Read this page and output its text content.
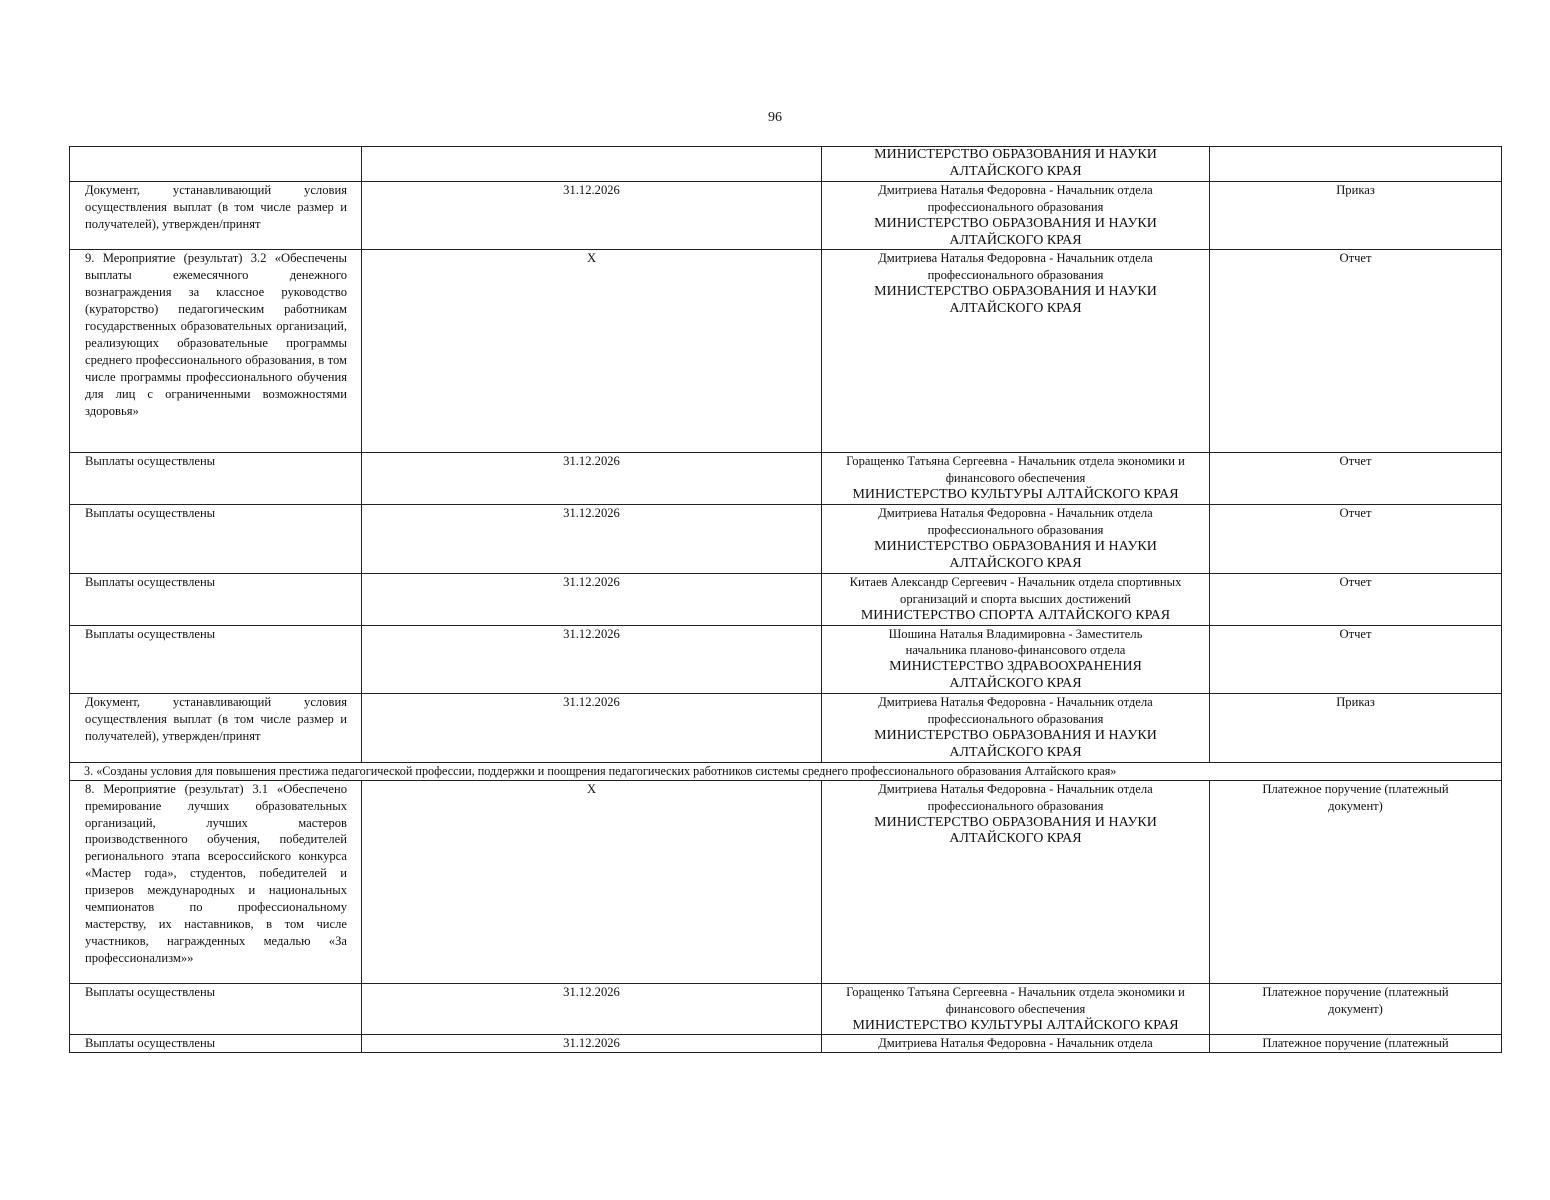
96

		МИНИСТЕРСТВО ОБРАЗОВАНИЯ И НАУКИ АЛТАЙСКОГО КРАЯ	

Документ, устанавливающий условия осуществления выплат (в том числе размер и получателей), утвержден/принят	31.12.2026	Дмитриева Наталья Федоровна - Начальник отдела профессионального образования
МИНИСТЕРСТВО ОБРАЗОВАНИЯ И НАУКИ АЛТАЙСКОГО КРАЯ	Приказ
9. Мероприятие (результат) 3.2 «Обеспечены выплаты ежемесячного денежного вознаграждения за классное руководство (кураторство) педагогическим работникам государственных образовательных организаций, реализующих образовательные программы среднего профессионального образования, в том числе программы профессионального обучения для лиц с ограниченными возможностями здоровья»	X	Дмитриева Наталья Федоровна - Начальник отдела профессионального образования
МИНИСТЕРСТВО ОБРАЗОВАНИЯ И НАУКИ АЛТАЙСКОГО КРАЯ	Отчет
Выплаты осуществлены	31.12.2026	Горащенко Татьяна Сергеевна - Начальник отдела экономики и финансового обеспечения
МИНИСТЕРСТВО КУЛЬТУРЫ АЛТАЙСКОГО КРАЯ	Отчет
Выплаты осуществлены	31.12.2026	Дмитриева Наталья Федоровна - Начальник отдела профессионального образования
МИНИСТЕРСТВО ОБРАЗОВАНИЯ И НАУКИ АЛТАЙСКОГО КРАЯ	Отчет
Выплаты осуществлены	31.12.2026	Китаев Александр Сергеевич - Начальник отдела спортивных организаций и спорта высших достижений
МИНИСТЕРСТВО СПОРТА АЛТАЙСКОГО КРАЯ	Отчет
Выплаты осуществлены	31.12.2026	Шошина Наталья Владимировна - Заместитель начальника планово-финансового отдела
МИНИСТЕРСТВО ЗДРАВООХРАНЕНИЯ АЛТАЙСКОГО КРАЯ	Отчет
Документ, устанавливающий условия осуществления выплат (в том числе размер и получателей), утвержден/принят	31.12.2026	Дмитриева Наталья Федоровна - Начальник отдела профессионального образования
МИНИСТЕРСТВО ОБРАЗОВАНИЯ И НАУКИ АЛТАЙСКОГО КРАЯ	Приказ
3. «Созданы условия для повышения престижа педагогической профессии, поддержки и поощрения педагогических работников системы среднего профессионального образования Алтайского края»			
8. Мероприятие (результат) 3.1 «Обеспечено премирование лучших образовательных организаций, лучших мастеров производственного обучения, победителей регионального этапа всероссийского конкурса «Мастер года», студентов, победителей и призеров международных и национальных чемпионатов по профессиональному мастерству, их наставников, в том числе участников, награжденных медалью «За профессионализм»»	X	Дмитриева Наталья Федоровна - Начальник отдела профессионального образования
МИНИСТЕРСТВО ОБРАЗОВАНИЯ И НАУКИ АЛТАЙСКОГО КРАЯ	Платежное поручение (платежный документ)
Выплаты осуществлены	31.12.2026	Горащенко Татьяна Сергеевна - Начальник отдела экономики и финансового обеспечения
МИНИСТЕРСТВО КУЛЬТУРЫ АЛТАЙСКОГО КРАЯ	Платежное поручение (платежный документ)
Выплаты осуществлены	31.12.2026	Дмитриева Наталья Федоровна - Начальник отдела	Платежное поручение (платежный
